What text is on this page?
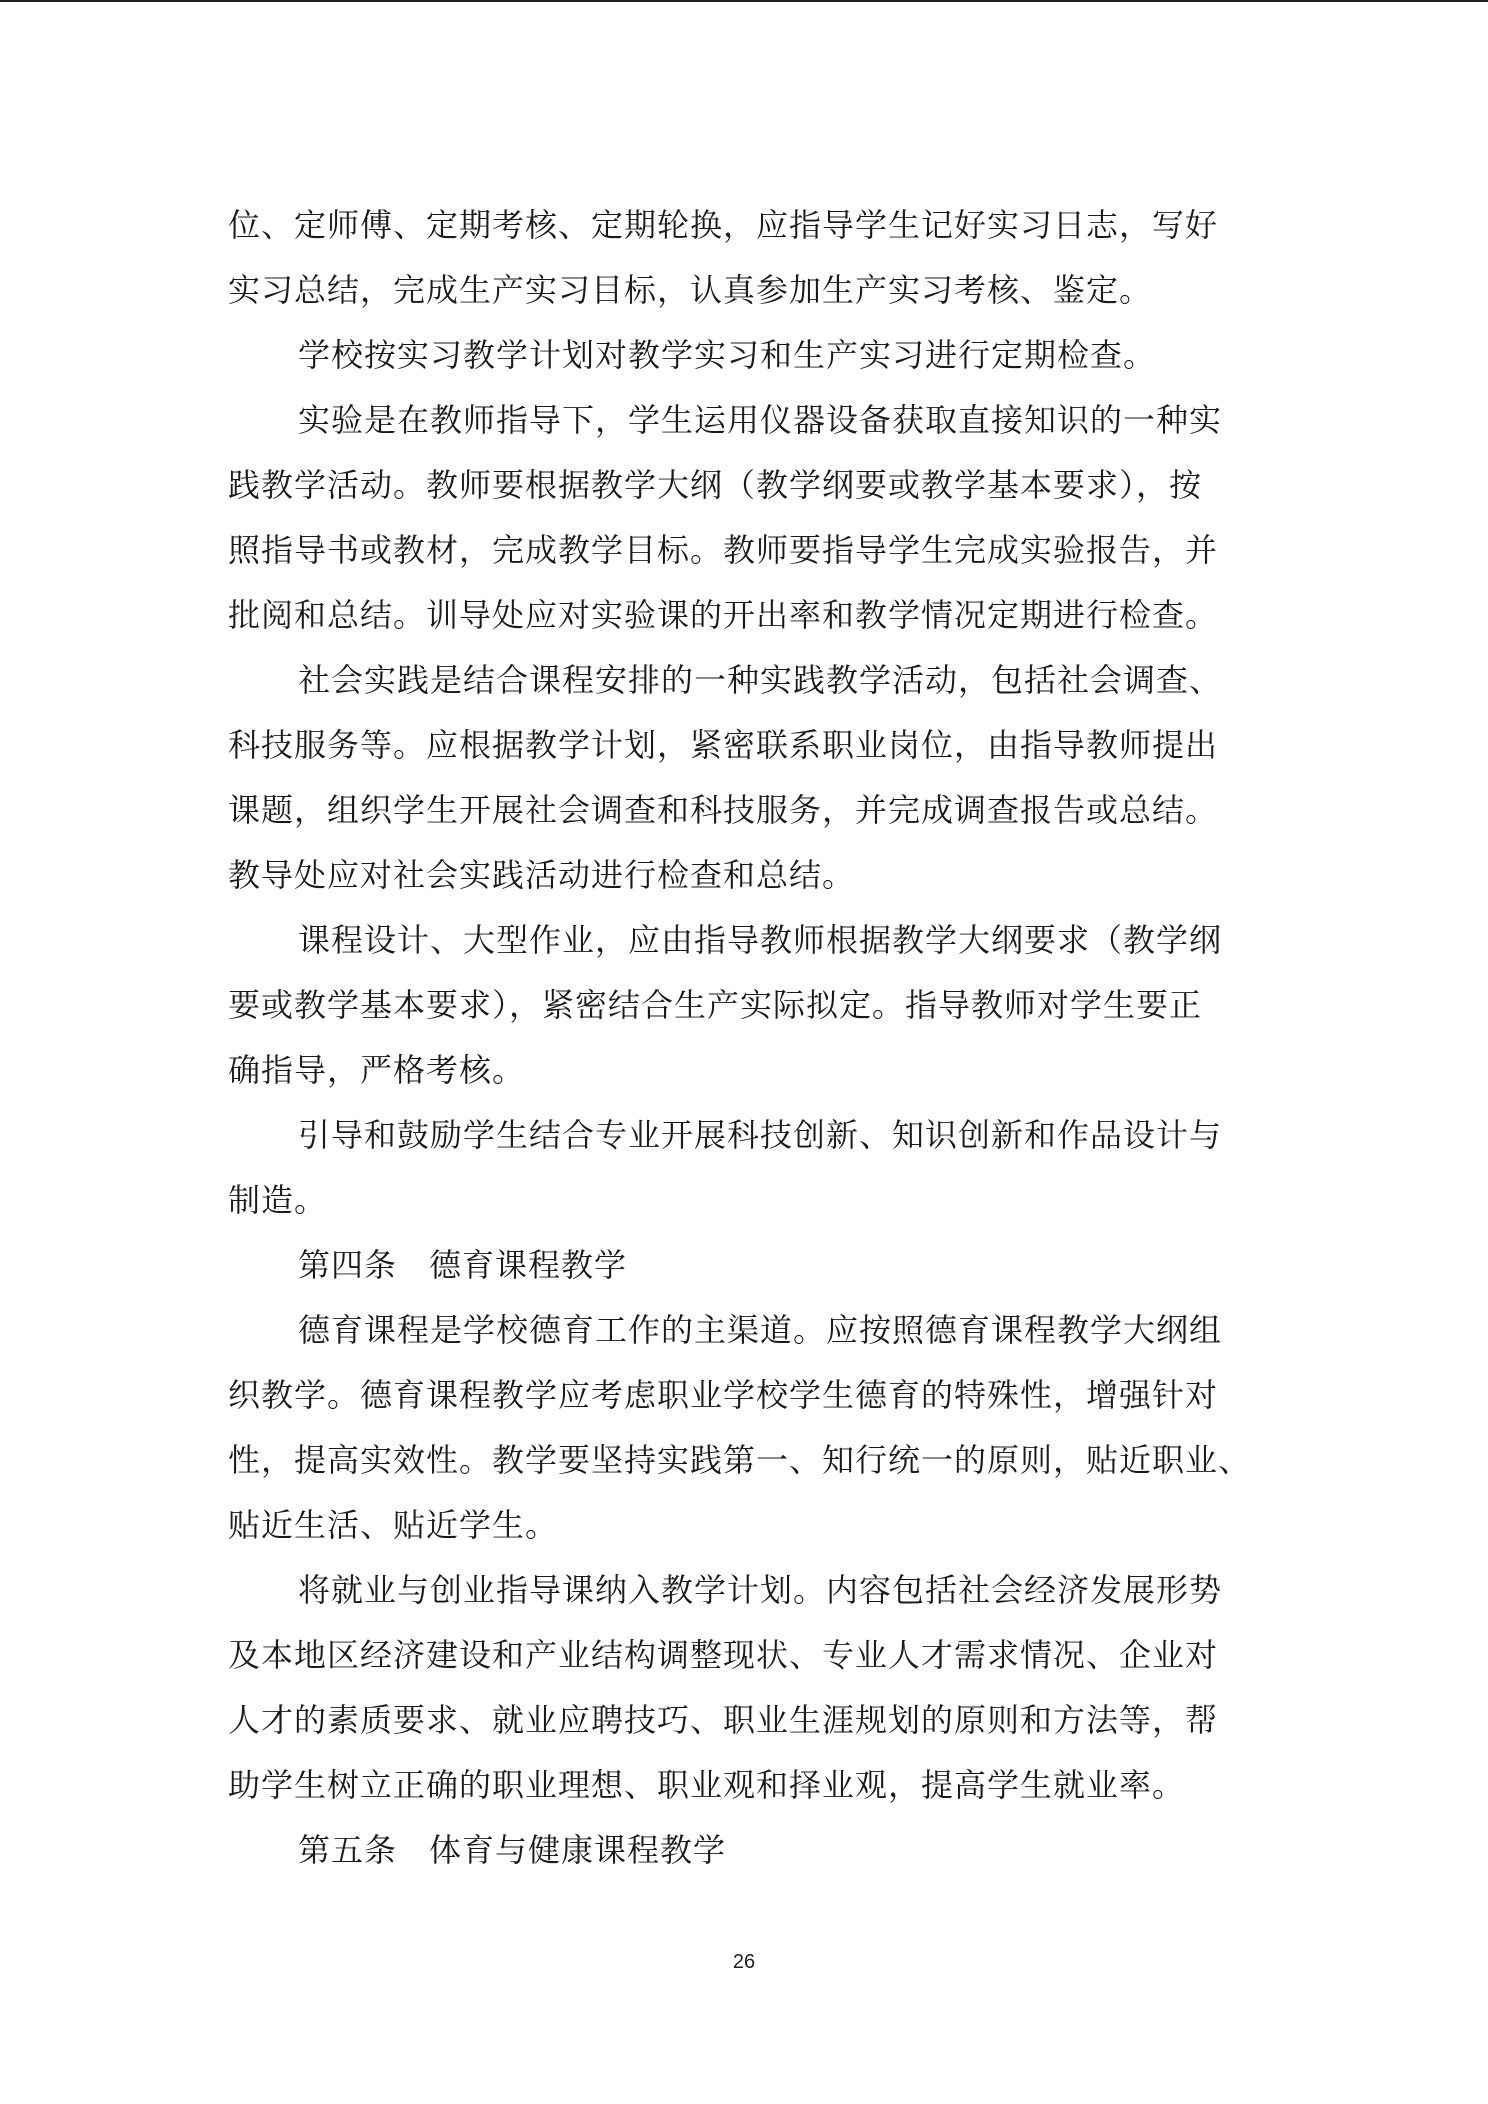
位、定师傅、定期考核、定期轮换，应指导学生记好实习日志，写好
实习总结，完成生产实习目标，认真参加生产实习考核、鉴定。
学校按实习教学计划对教学实习和生产实习进行定期检查。
实验是在教师指导下，学生运用仪器设备获取直接知识的一种实
践教学活动。教师要根据教学大纲（教学纲要或教学基本要求），按
照指导书或教材，完成教学目标。教师要指导学生完成实验报告，并
批阅和总结。训导处应对实验课的开出率和教学情况定期进行检查。
社会实践是结合课程安排的一种实践教学活动，包括社会调查、
科技服务等。应根据教学计划，紧密联系职业岗位，由指导教师提出
课题，组织学生开展社会调查和科技服务，并完成调查报告或总结。
教导处应对社会实践活动进行检查和总结。
课程设计、大型作业，应由指导教师根据教学大纲要求（教学纲
要或教学基本要求），紧密结合生产实际拟定。指导教师对学生要正
确指导，严格考核。
引导和鼓励学生结合专业开展科技创新、知识创新和作品设计与
制造。
第四条 德育课程教学
德育课程是学校德育工作的主渠道。应按照德育课程教学大纲组
织教学。德育课程教学应考虑职业学校学生德育的特殊性，增强针对
性，提高实效性。教学要坚持实践第一、知行统一的原则，贴近职业、
贴近生活、贴近学生。
将就业与创业指导课纳入教学计划。内容包括社会经济发展形势
及本地区经济建设和产业结构调整现状、专业人才需求情况、企业对
人才的素质要求、就业应聘技巧、职业生涯规划的原则和方法等，帮
助学生树立正确的职业理想、职业观和择业观，提高学生就业率。
第五条 体育与健康课程教学
26
